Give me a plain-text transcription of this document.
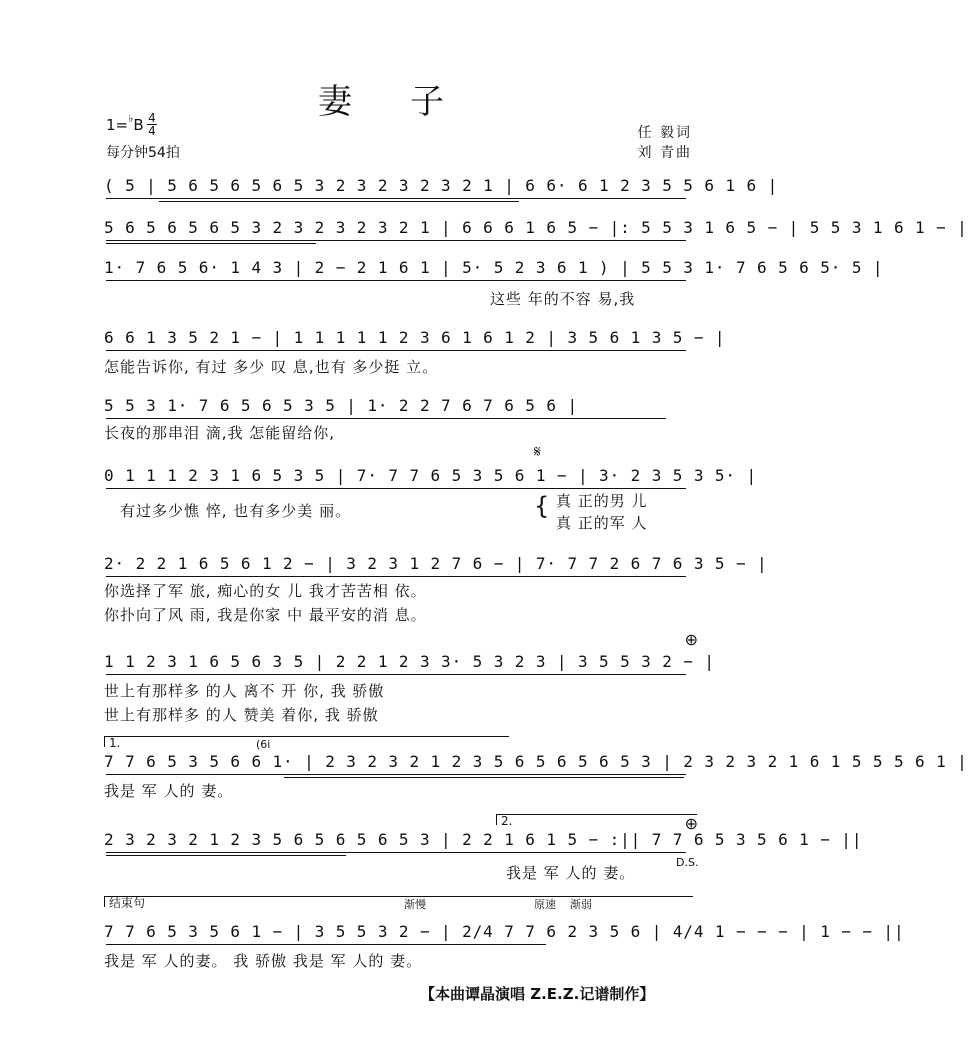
妻子
1=♭B 4
4
每分钟54拍
任 毅词
刘 青曲
( 5 | 5 6 5 6 5 6 5 3 2 3 2 3 2 3 2 1 | 6 6· 6 1 2 3 5 5 6 1 6 |
5 6 5 6 5 6 5 3 2 3 2 3 2 3 2 1 | 6 6 6 1 6 5 − |: 5 5 3 1 6 5 − | 5 5 3 1 6 1 − |
1· 7 6 5 6· 1 4 3 | 2 − 2 1 6 1 | 5· 5 2 3 6 1 ) | 5 5 3 1· 7 6 5 6 5· 5 |
这些 年的不容 易,我
6 6 1 3 5 2 1 − | 1 1 1 1 1 2 3 6 1 6 1 2 | 3 5 6 1 3 5 − |
怎能告诉你, 有过 多少 叹 息,也有 多少挺 立。
5 5 3 1· 7 6 5 6 5 3 5 | 1· 2 2 7 6 7 6 5 6 |
长夜的那串泪 滴,我 怎能留给你,
𝄋
0 1 1 1 2 3 1 6 5 3 5 | 7· 7 7 6 5 3 5 6 1 − | 3· 2 3 5 3 5· |
有过多少憔 悴, 也有多少美 丽。	{ 真 正的男 儿
真 正的军 人
2· 2 2 1 6 5 6 1 2 − | 3 2 3 1 2 7 6 − | 7· 7 7 2 6 7 6 3 5 − |
你选择了军 旅, 痴心的女 儿 我才苦苦相 依。
你扑向了风 雨, 我是你家 中 最平安的消 息。
⊕
1 1 2 3 1 6 5 6 3 5 | 2 2 1 2 3 3· 5 3 2 3 | 3 5 5 3 2 − |
世上有那样多 的人 离不 开 你, 我 骄傲
世上有那样多 的人 赞美 着你, 我 骄傲
1.	(6i
7 7 6 5 3 5 6 6 1· | 2 3 2 3 2 1 2 3 5 6 5 6 5 6 5 3 | 2 3 2 3 2 1 6 1 5 5 5 6 1 |
我是 军 人的 妻。
2.	⊕
2 3 2 3 2 1 2 3 5 6 5 6 5 6 5 3 | 2 2 1 6 1 5 − :|| 7 7 6 5 3 5 6 1 − ||
我是 军 人的 妻。
D.S.
结束句	渐慢	原速 渐弱
7 7 6 5 3 5 6 1 − | 3 5 5 3 2 − | 2/4 7 7 6 2 3 5 6 | 4/4 1 − − − | 1 − − ||
我是 军 人的妻。 我 骄傲 我是 军 人的 妻。
【本曲谭晶演唱 Z.E.Z.记谱制作】
